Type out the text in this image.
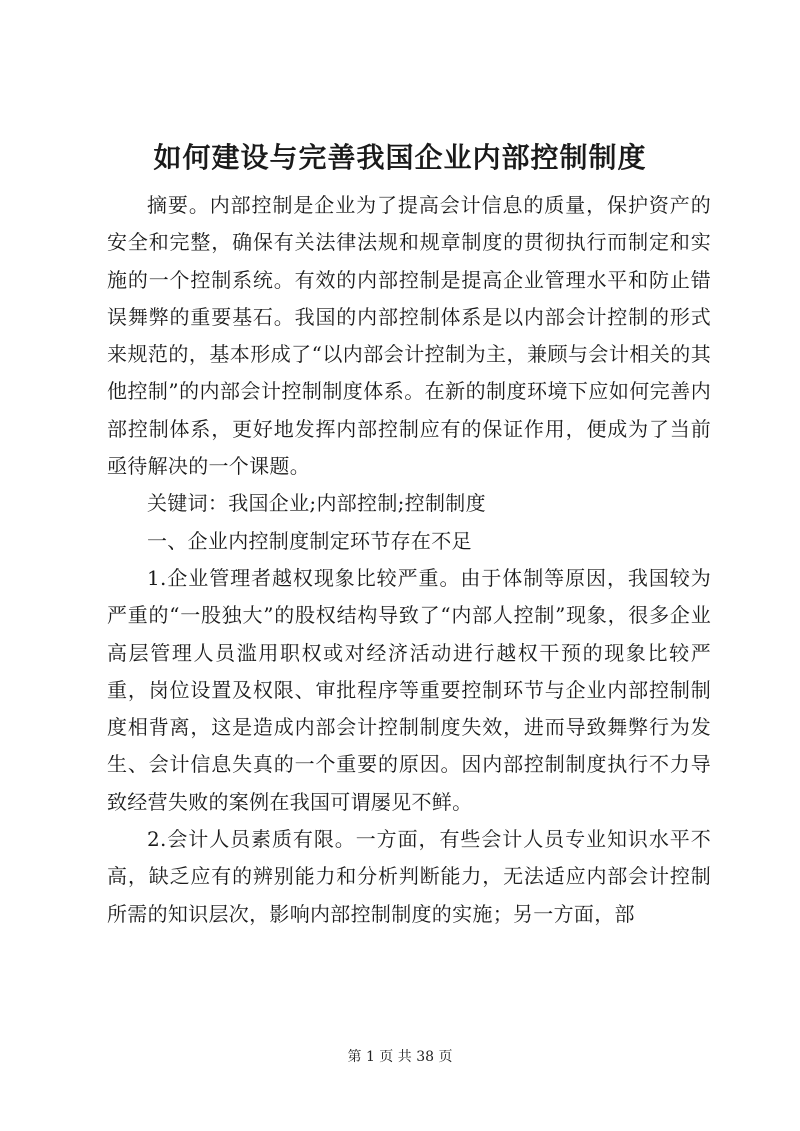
如何建设与完善我国企业内部控制制度

摘要。内部控制是企业为了提高会计信息的质量，保护资产的安全和完整，确保有关法律法规和规章制度的贯彻执行而制定和实施的一个控制系统。有效的内部控制是提高企业管理水平和防止错误舞弊的重要基石。我国的内部控制体系是以内部会计控制的形式来规范的，基本形成了“以内部会计控制为主，兼顾与会计相关的其他控制”的内部会计控制制度体系。在新的制度环境下应如何完善内部控制体系，更好地发挥内部控制应有的保证作用，便成为了当前亟待解决的一个课题。

关键词：我国企业;内部控制;控制制度

一、企业内控制度制定环节存在不足

1.企业管理者越权现象比较严重。由于体制等原因，我国较为严重的“一股独大”的股权结构导致了“内部人控制”现象，很多企业高层管理人员滥用职权或对经济活动进行越权干预的现象比较严重，岗位设置及权限、审批程序等重要控制环节与企业内部控制制度相背离，这是造成内部会计控制制度失效，进而导致舞弊行为发生、会计信息失真的一个重要的原因。因内部控制制度执行不力导致经营失败的案例在我国可谓屡见不鲜。

2.会计人员素质有限。一方面，有些会计人员专业知识水平不高，缺乏应有的辨别能力和分析判断能力，无法适应内部会计控制所需的知识层次，影响内部控制制度的实施；另一方面，部

第 1 页 共 38 页
